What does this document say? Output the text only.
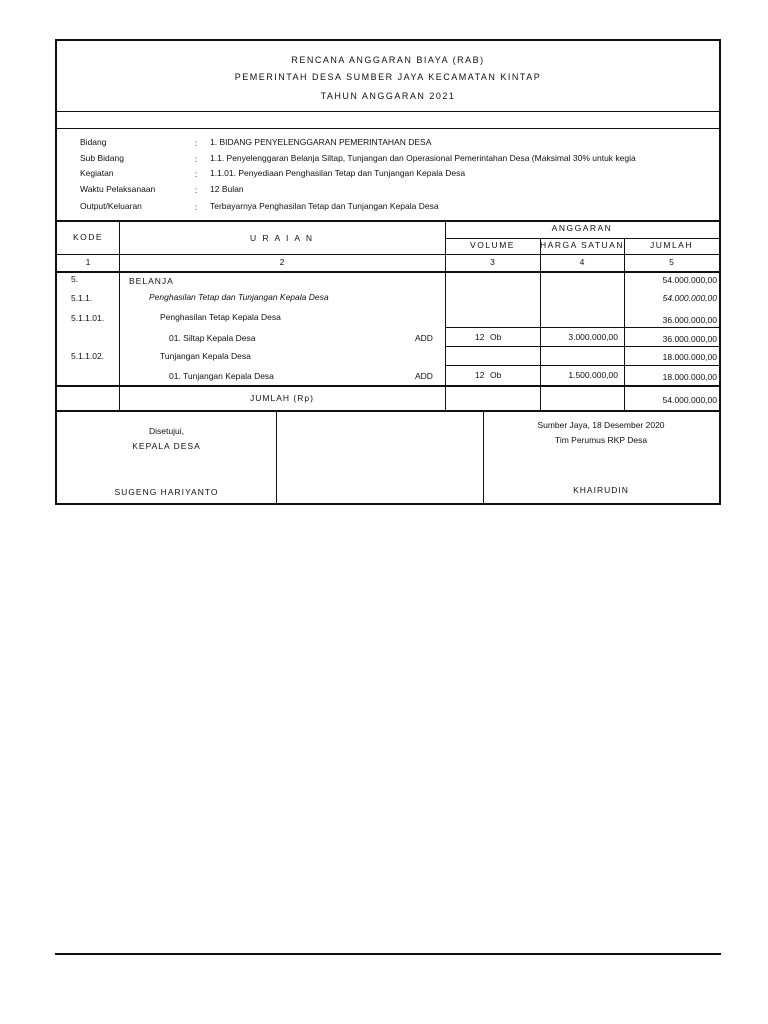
RENCANA ANGGARAN BIAYA (RAB)
PEMERINTAH DESA SUMBER JAYA KECAMATAN KINTAP
TAHUN ANGGARAN 2021
Bidang	: 1. BIDANG PENYELENGGARAN PEMERINTAHAN DESA
Sub Bidang	: 1.1. Penyelenggaran Belanja Siltap, Tunjangan dan Operasional Pemerintahan Desa (Maksimal 30% untuk kegia
Kegiatan	: 1.1.01. Penyediaan Penghasilan Tetap dan Tunjangan Kepala Desa
Waktu Pelaksanaan	: 12 Bulan
Output/Keluaran	: Terbayarnya Penghasilan Tetap dan Tunjangan Kepala Desa
KODE	U R A I A N
ANGGARAN
VOLUME	HARGA SATUAN	JUMLAH
1	2	3	4	5
5.	BELANJA	54.000.000,00
5.1.1.	Penghasilan Tetap dan Tunjangan Kepala Desa	54.000.000,00
5.1.1.01.	Penghasilan Tetap Kepala Desa	36.000.000,00
01. Siltap Kepala Desa	ADD	12 Ob	3.000.000,00	36.000.000,00
5.1.1.02.	Tunjangan Kepala Desa	18.000.000,00
01. Tunjangan Kepala Desa	ADD	12 Ob	1.500.000,00	18.000.000,00
JUMLAH (Rp)	54.000.000,00
Disetujui,
KEPALA DESA
SUGENG HARIYANTO
Sumber Jaya, 18 Desember 2020
Tim Perumus RKP Desa
KHAIRUDIN
